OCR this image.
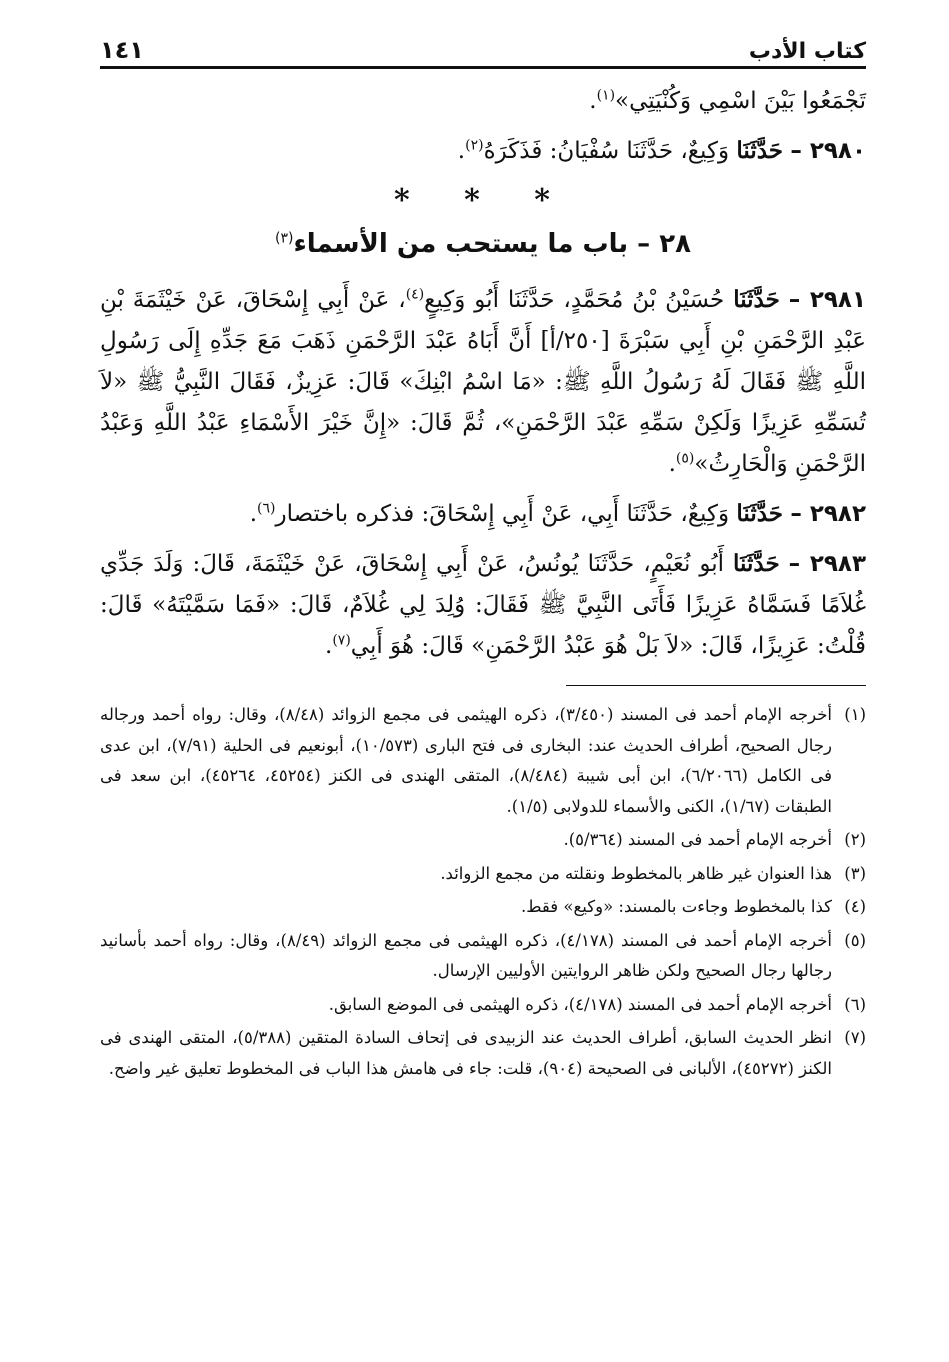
كتاب الأدب
١٤١

تَجْمَعُوا بَيْنَ اسْمِي وَكُنْيَتِي»$^{(١)}$.

٢٩٨٠ – حَدَّثَنَا وَكِيعٌ، حَدَّثَنَا سُفْيَانُ: فَذَكَرَهُ$^{(٢)}$.

* * *
٢٨ – باب ما يستحب من الأسماء$^{(٣)}$

٢٩٨١ – حَدَّثَنَا حُسَيْنُ بْنُ مُحَمَّدٍ، حَدَّثَنَا أَبُو وَكِيعٍ$^{(٤)}$، عَنْ أَبِي إِسْحَاقَ، عَنْ خَيْثَمَةَ بْنِ عَبْدِ الرَّحْمَنِ بْنِ أَبِي سَبْرَةَ [٢٥٠/أ] أَنَّ أَبَاهُ عَبْدَ الرَّحْمَنِ ذَهَبَ مَعَ جَدِّهِ إِلَى رَسُولِ اللَّهِ ﷺ فَقَالَ لَهُ رَسُولُ اللَّهِ ﷺ: «مَا اسْمُ ابْنِكَ» قَالَ: عَزِيزٌ، فَقَالَ النَّبِيُّ ﷺ «لاَ تُسَمِّهِ عَزِيزًا وَلَكِنْ سَمِّهِ عَبْدَ الرَّحْمَنِ»، ثُمَّ قَالَ: «إِنَّ خَيْرَ الأَسْمَاءِ عَبْدُ اللَّهِ وَعَبْدُ الرَّحْمَنِ وَالْحَارِثُ»$^{(٥)}$.

٢٩٨٢ – حَدَّثَنَا وَكِيعٌ، حَدَّثَنَا أَبِي، عَنْ أَبِي إِسْحَاقَ: فذكره باختصار$^{(٦)}$.

٢٩٨٣ – حَدَّثَنَا أَبُو نُعَيْمٍ، حَدَّثَنَا يُونُسُ، عَنْ أَبِي إِسْحَاقَ، عَنْ خَيْثَمَةَ، قَالَ: وَلَدَ جَدِّي غُلاَمًا فَسَمَّاهُ عَزِيزًا فَأَتَى النَّبِيَّ ﷺ فَقَالَ: وُلِدَ لِي غُلاَمٌ، قَالَ: «فَمَا سَمَّيْتَهُ» قَالَ: قُلْتُ: عَزِيزًا، قَالَ: «لاَ بَلْ هُوَ عَبْدُ الرَّحْمَنِ» قَالَ: هُوَ أَبِي$^{(٧)}$.

(١)أخرجه الإمام أحمد فى المسند (٣/٤٥٠)، ذكره الهيثمى فى مجمع الزوائد (٨/٤٨)، وقال: رواه أحمد ورجاله رجال الصحيح، أطراف الحديث عند: البخارى فى فتح البارى (١٠/٥٧٣)، أبونعيم فى الحلية (٧/٩١)، ابن عدى فى الكامل (٦/٢٠٦٦)، ابن أبى شيبة (٨/٤٨٤)، المتقى الهندى فى الكنز (٤٥٢٥٤، ٤٥٢٦٤)، ابن سعد فى الطبقات (١/٦٧)، الكنى والأسماء للدولابى (١/٥).

(٢)أخرجه الإمام أحمد فى المسند (٥/٣٦٤).

(٣)هذا العنوان غير ظاهر بالمخطوط ونقلته من مجمع الزوائد.

(٤)كذا بالمخطوط وجاءت بالمسند: «وكيع» فقط.

(٥)أخرجه الإمام أحمد فى المسند (٤/١٧٨)، ذكره الهيثمى فى مجمع الزوائد (٨/٤٩)، وقال: رواه أحمد بأسانيد رجالها رجال الصحيح ولكن ظاهر الروايتين الأوليين الإرسال.

(٦)أخرجه الإمام أحمد فى المسند (٤/١٧٨)، ذكره الهيثمى فى الموضع السابق.

(٧)انظر الحديث السابق، أطراف الحديث عند الزبيدى فى إتحاف السادة المتقين (٥/٣٨٨)، المتقى الهندى فى الكنز (٤٥٢٧٢)، الألبانى فى الصحيحة (٩٠٤)، قلت: جاء فى هامش هذا الباب فى المخطوط تعليق غير واضح.
